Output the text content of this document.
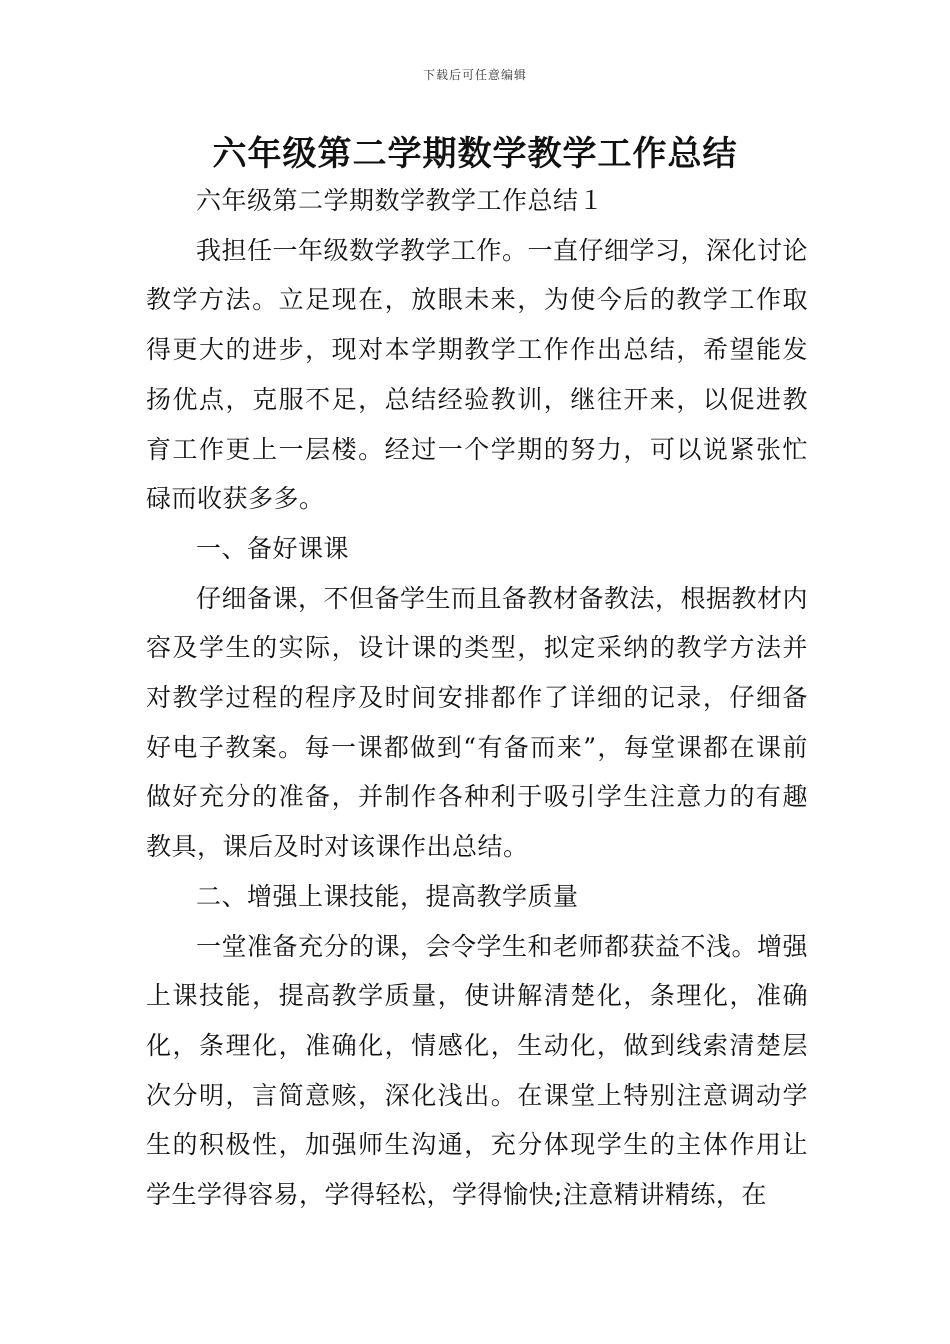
下载后可任意编辑
六年级第二学期数学教学工作总结

六年级第二学期数学教学工作总结１

我担任一年级数学教学工作。一直仔细学习，深化讨论教学方法。立足现在，放眼未来，为使今后的教学工作取得更大的进步，现对本学期教学工作作出总结，希望能发扬优点，克服不足，总结经验教训，继往开来，以促进教育工作更上一层楼。经过一个学期的努力，可以说紧张忙碌而收获多多。

一、备好课课

仔细备课，不但备学生而且备教材备教法，根据教材内容及学生的实际，设计课的类型，拟定采纳的教学方法并对教学过程的程序及时间安排都作了详细的记录，仔细备好电子教案。每一课都做到“有备而来”，每堂课都在课前做好充分的准备，并制作各种利于吸引学生注意力的有趣教具，课后及时对该课作出总结。

二、增强上课技能，提高教学质量

一堂准备充分的课，会令学生和老师都获益不浅。增强上课技能，提高教学质量，使讲解清楚化，条理化，准确化，条理化，准确化，情感化，生动化，做到线索清楚层次分明，言简意赅，深化浅出。在课堂上特别注意调动学生的积极性，加强师生沟通，充分体现学生的主体作用让学生学得容易，学得轻松，学得愉快;注意精讲精练，在
